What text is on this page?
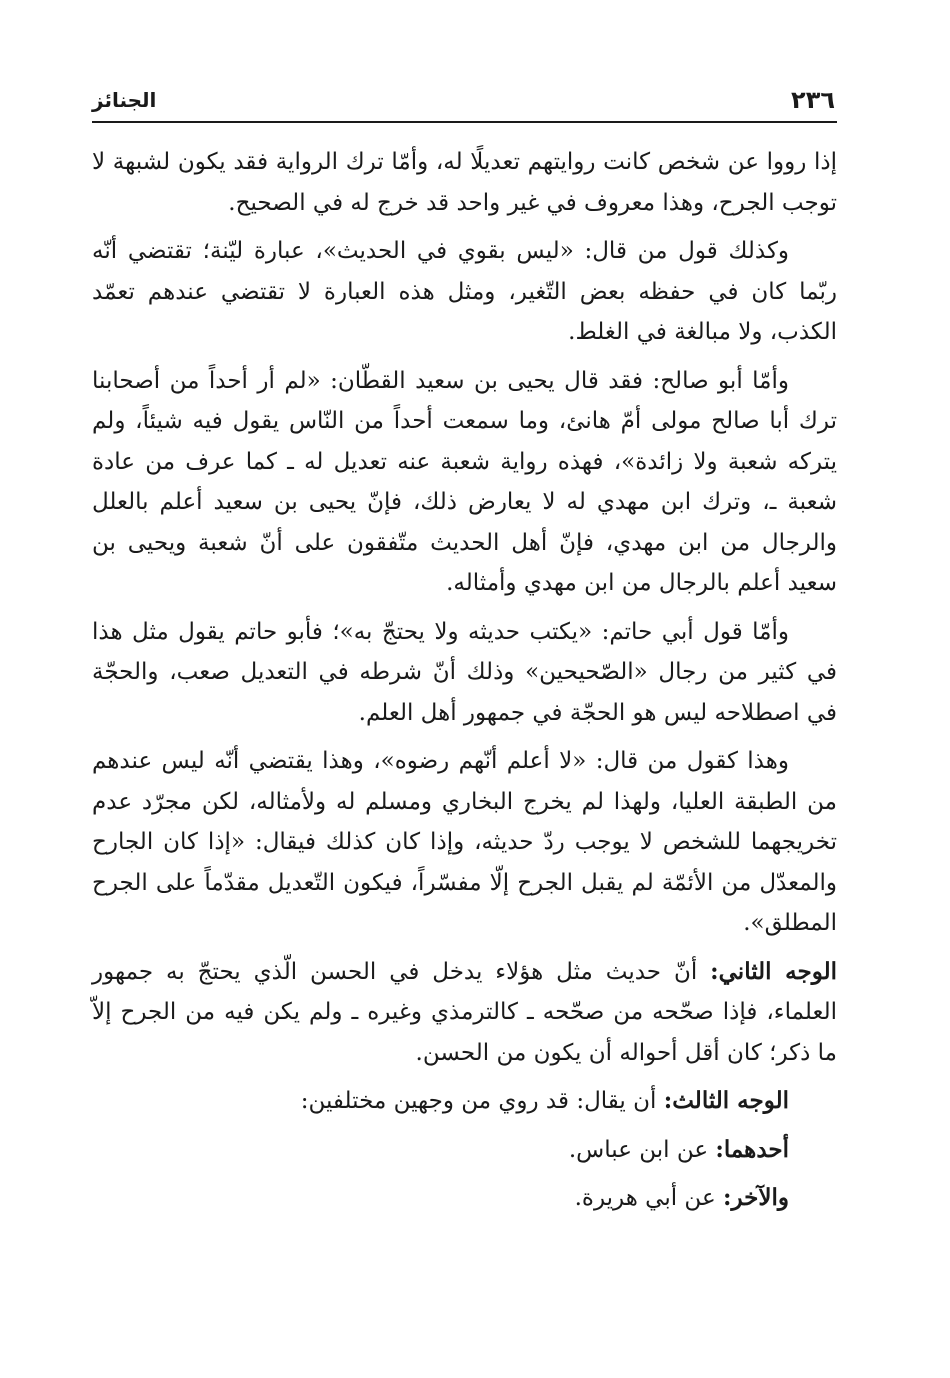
٢٣٦
الجنائز

إذا رووا عن شخص كانت روايتهم تعديلًا له، وأمّا ترك الرواية فقد يكون لشبهة لا توجب الجرح، وهذا معروف في غير واحد قد خرج له في الصحيح.

وكذلك قول من قال: «ليس بقوي في الحديث»، عبارة ليّنة؛ تقتضي أنّه ربّما كان في حفظه بعض التّغير، ومثل هذه العبارة لا تقتضي عندهم تعمّد الكذب، ولا مبالغة في الغلط.

وأمّا أبو صالح: فقد قال يحيى بن سعيد القطّان: «لم أر أحداً من أصحابنا ترك أبا صالح مولى أمّ هانئ، وما سمعت أحداً من النّاس يقول فيه شيئاً، ولم يتركه شعبة ولا زائدة»، فهذه رواية شعبة عنه تعديل له ـ كما عرف من عادة شعبة ـ، وترك ابن مهدي له لا يعارض ذلك، فإنّ يحيى بن سعيد أعلم بالعلل والرجال من ابن مهدي، فإنّ أهل الحديث متّفقون على أنّ شعبة ويحيى بن سعيد أعلم بالرجال من ابن مهدي وأمثاله.

وأمّا قول أبي حاتم: «يكتب حديثه ولا يحتجّ به»؛ فأبو حاتم يقول مثل هذا في كثير من رجال «الصّحيحين» وذلك أنّ شرطه في التعديل صعب، والحجّة في اصطلاحه ليس هو الحجّة في جمهور أهل العلم.

وهذا كقول من قال: «لا أعلم أنّهم رضوه»، وهذا يقتضي أنّه ليس عندهم من الطبقة العليا، ولهذا لم يخرج البخاري ومسلم له ولأمثاله، لكن مجرّد عدم تخريجهما للشخص لا يوجب ردّ حديثه، وإذا كان كذلك فيقال: «إذا كان الجارح والمعدّل من الأئمّة لم يقبل الجرح إلّا مفسّراً، فيكون التّعديل مقدّماً على الجرح المطلق».

الوجه الثاني: أنّ حديث مثل هؤلاء يدخل في الحسن الّذي يحتجّ به جمهور العلماء، فإذا صحّحه من صحّحه ـ كالترمذي وغيره ـ ولم يكن فيه من الجرح إلاّ ما ذكر؛ كان أقل أحواله أن يكون من الحسن.

الوجه الثالث: أن يقال: قد روي من وجهين مختلفين:

أحدهما: عن ابن عباس.

والآخر: عن أبي هريرة.
